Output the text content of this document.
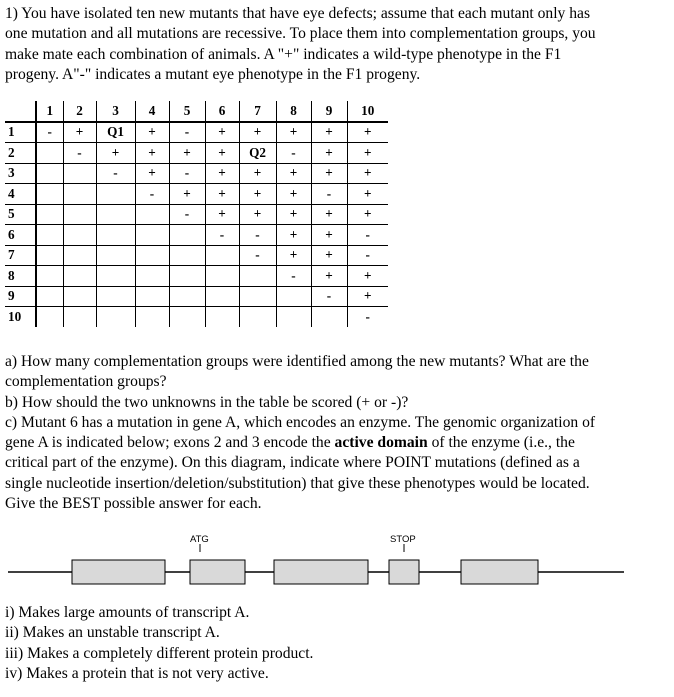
1) You have isolated ten new mutants that have eye defects; assume that each mutant only has
one mutation and all mutations are recessive. To place them into complementation groups, you
make mate each combination of animals. A "+" indicates a wild-type phenotype in the F1
progeny. A"-" indicates a mutant eye phenotype in the F1 progeny.
	1	2	3	4	5	6	7	8	9	10
1	-	+	Q1	+	-	+	+	+	+	+
2		-	+	+	+	+	Q2	-	+	+
3			-	+	-	+	+	+	+	+
4				-	+	+	+	+	-	+
5					-	+	+	+	+	+
6						-	-	+	+	-
7							-	+	+	-
8								-	+	+
9									-	+
10										-
a) How many complementation groups were identified among the new mutants? What are the
complementation groups?
b) How should the two unknowns in the table be scored (+ or -)?
c) Mutant 6 has a mutation in gene A, which encodes an enzyme. The genomic organization of
gene A is indicated below; exons 2 and 3 encode the active domain of the enzyme (i.e., the
critical part of the enzyme). On this diagram, indicate where POINT mutations (defined as a
single nucleotide insertion/deletion/substitution) that give these phenotypes would be located.
Give the BEST possible answer for each.
ATG	STOP
i) Makes large amounts of transcript A.
ii) Makes an unstable transcript A.
iii) Makes a completely different protein product.
iv) Makes a protein that is not very active.
